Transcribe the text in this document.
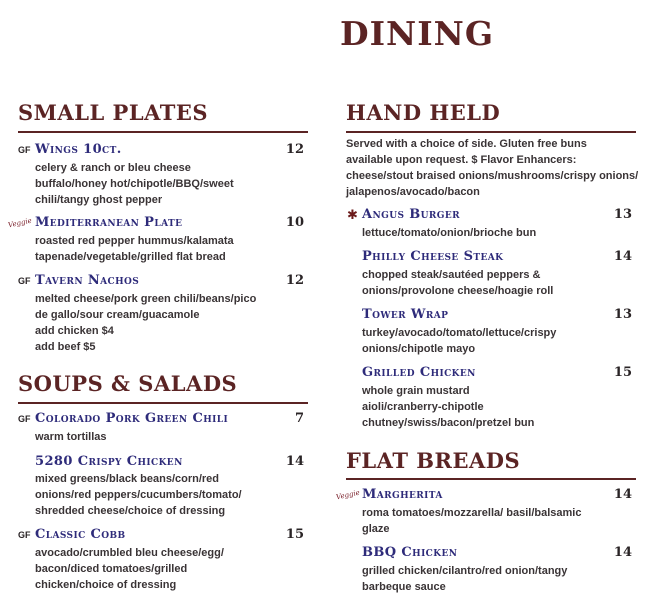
DINING
SMALL PLATES
GF Wings 10ct.	12
celery & ranch or bleu cheese
buffalo/honey hot/chipotle/BBQ/sweet
chili/tangy ghost pepper
Veggie Mediterranean Plate	10
roasted red pepper hummus/kalamata
tapenade/vegetable/grilled flat bread
GF Tavern Nachos	12
melted cheese/pork green chili/beans/pico
de gallo/sour cream/guacamole
add chicken $4
add beef $5
SOUPS & SALADS
GF Colorado Pork Green Chili	7
warm tortillas
5280 Crispy Chicken	14
mixed greens/black beans/corn/red
onions/red peppers/cucumbers/tomato/
shredded cheese/choice of dressing
GF Classic Cobb	15
avocado/crumbled bleu cheese/egg/
bacon/diced tomatoes/grilled
chicken/choice of dressing
HAND HELD
Served with a choice of side. Gluten free buns
available upon request. $ Flavor Enhancers:
cheese/stout braised onions/mushrooms/crispy onions/
jalapenos/avocado/bacon
✱ Angus Burger	13
lettuce/tomato/onion/brioche bun
Philly Cheese Steak	14
chopped steak/sautéed peppers &
onions/provolone cheese/hoagie roll
Tower Wrap	13
turkey/avocado/tomato/lettuce/crispy
onions/chipotle mayo
Grilled Chicken	15
whole grain mustard
aioli/cranberry-chipotle
chutney/swiss/bacon/pretzel bun
FLAT BREADS
Veggie Margherita	14
roma tomatoes/mozzarella/ basil/balsamic
glaze
BBQ Chicken	14
grilled chicken/cilantro/red onion/tangy
barbeque sauce
